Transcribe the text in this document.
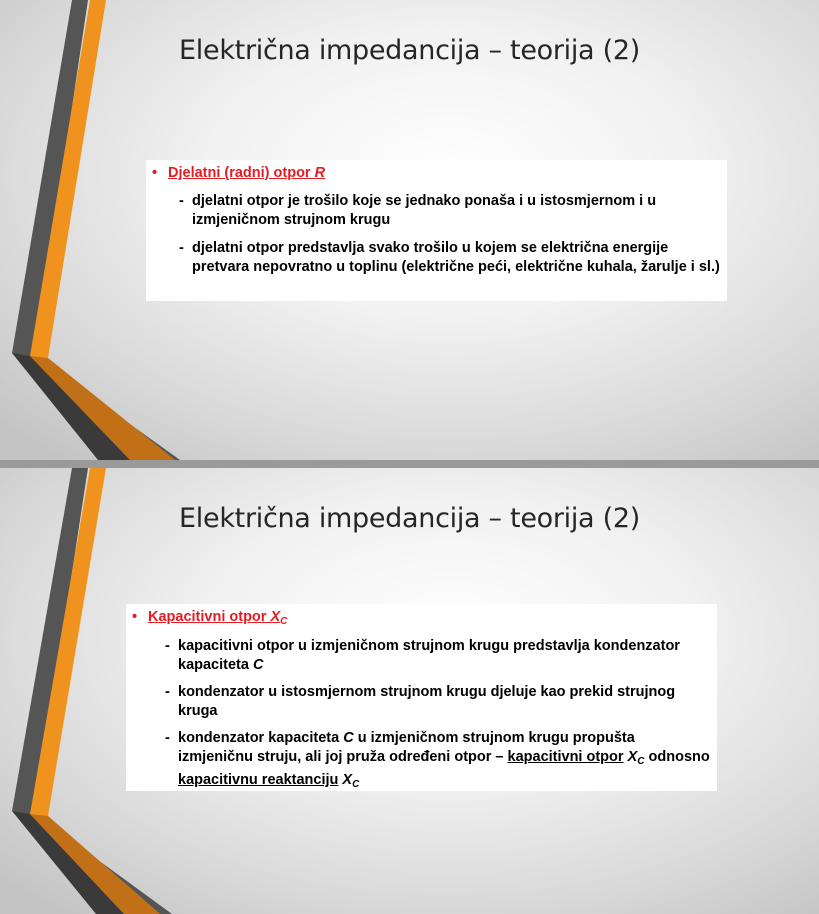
Električna impedancija – teorija (2)
• Djelatni (radni) otpor R
- djelatni otpor je trošilo koje se jednako ponaša i u istosmjernom i u izmjeničnom strujnom krugu
- djelatni otpor predstavlja svako trošilo u kojem se električna energije pretvara nepovratno u toplinu (električne peći, električne kuhala, žarulje i sl.)
Električna impedancija – teorija (2)
• Kapacitivni otpor $X_C$
- kapacitivni otpor u izmjeničnom strujnom krugu predstavlja kondenzator kapaciteta C
- kondenzator u istosmjernom strujnom krugu djeluje kao prekid strujnog kruga
- kondenzator kapaciteta C u izmjeničnom strujnom krugu propušta izmjeničnu struju, ali joj pruža određeni otpor – kapacitivni otpor $X_C$ odnosno kapacitivnu reaktanciju $X_C$
